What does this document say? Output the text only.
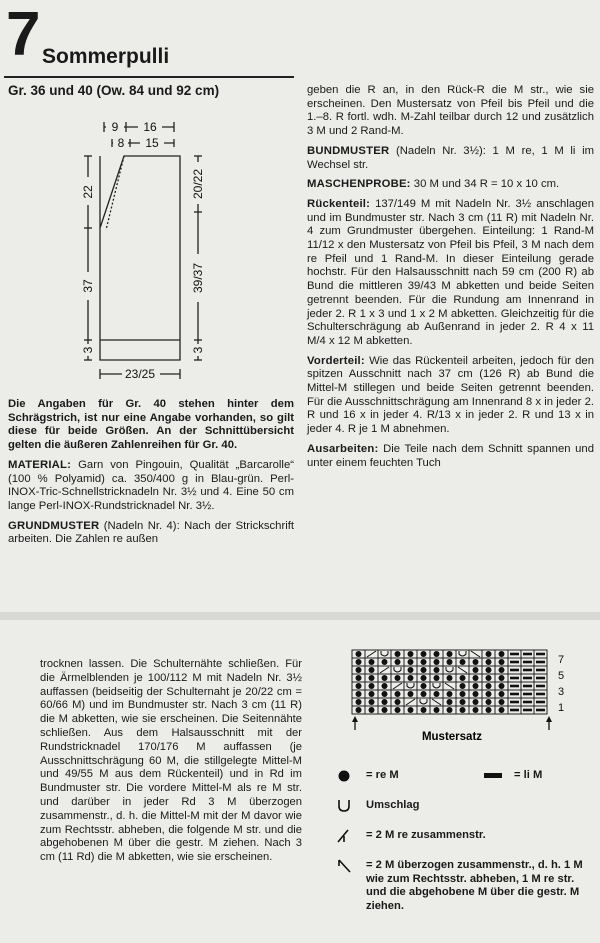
7 Sommerpulli
Gr. 36 und 40 (Ow. 84 und 92 cm)
9 16
8 15
22
37
3
20/22
39/37
3
23/25

Die Angaben für Gr. 40 stehen hinter dem Schrägstrich, ist nur eine Angabe vorhanden, so gilt diese für beide Größen. An der Schnittübersicht gelten die äußeren Zahlenreihen für Gr. 40.

MATERIAL: Garn von Pingouin, Qualität „Barcarolle“ (100 % Polyamid) ca. 350/400 g in Blau-grün. Perl-INOX-Tric-Schnellstricknadeln Nr. 3½ und 4. Eine 50 cm lange Perl-INOX-Rundstricknadel Nr. 3½.

GRUNDMUSTER (Nadeln Nr. 4): Nach der Strickschrift arbeiten. Die Zahlen re außen

geben die R an, in den Rück-R die M str., wie sie erscheinen. Den Mustersatz von Pfeil bis Pfeil und die 1.–8. R fortl. wdh. M-Zahl teilbar durch 12 und zusätzlich 3 M und 2 Rand-M.

BUNDMUSTER (Nadeln Nr. 3½): 1 M re, 1 M li im Wechsel str.

MASCHENPROBE: 30 M und 34 R = 10 x 10 cm.

Rückenteil: 137/149 M mit Nadeln Nr. 3½ anschlagen und im Bundmuster str. Nach 3 cm (11 R) mit Nadeln Nr. 4 zum Grundmuster übergehen. Einteilung: 1 Rand-M 11/12 x den Mustersatz von Pfeil bis Pfeil, 3 M nach dem re Pfeil und 1 Rand-M. In dieser Einteilung gerade hochstr. Für den Halsausschnitt nach 59 cm (200 R) ab Bund die mittleren 39/43 M abketten und beide Seiten getrennt beenden. Für die Rundung am Innenrand in jeder 2. R 1 x 3 und 1 x 2 M abketten. Gleichzeitig für die Schulterschrägung ab Außenrand in jeder 2. R 4 x 11 M/4 x 12 M abketten.

Vorderteil: Wie das Rückenteil arbeiten, jedoch für den spitzen Ausschnitt nach 37 cm (126 R) ab Bund die Mittel-M stillegen und beide Seiten getrennt beenden. Für die Ausschnittschrägung am Innenrand 8 x in jeder 2. R und 16 x in jeder 4. R/13 x in jeder 2. R und 13 x in jeder 4. R je 1 M abnehmen.

Ausarbeiten: Die Teile nach dem Schnitt spannen und unter einem feuchten Tuch

trocknen lassen. Die Schulternähte schließen. Für die Ärmelblenden je 100/112 M mit Nadeln Nr. 3½ auffassen (beidseitig der Schulternaht je 20/22 cm = 60/66 M) und im Bundmuster str. Nach 3 cm (11 R) die M abketten, wie sie erscheinen. Die Seitennähte schließen. Aus dem Halsausschnitt mit der Rundstricknadel 170/176 M auffassen (je Ausschnittschrägung 60 M, die stillgelegte Mittel-M und 49/55 M aus dem Rückenteil) und in Rd im Bundmuster str. Die vordere Mittel-M als re M str. und darüber in jeder Rd 3 M überzogen zusammenstr., d. h. die Mittel-M mit der M davor wie zum Rechtsstr. abheben, die folgende M str. und die abgehobenen M über die gestr. M ziehen. Nach 3 cm (11 Rd) die M abketten, wie sie erscheinen.

7
5
3
1
Mustersatz
= re M	= li M
Umschlag
= 2 M re zusammenstr.
= 2 M überzogen zusammenstr., d. h. 1 M wie zum Rechtsstr. abheben, 1 M re str. und die abgehobene M über die gestr. M ziehen.
